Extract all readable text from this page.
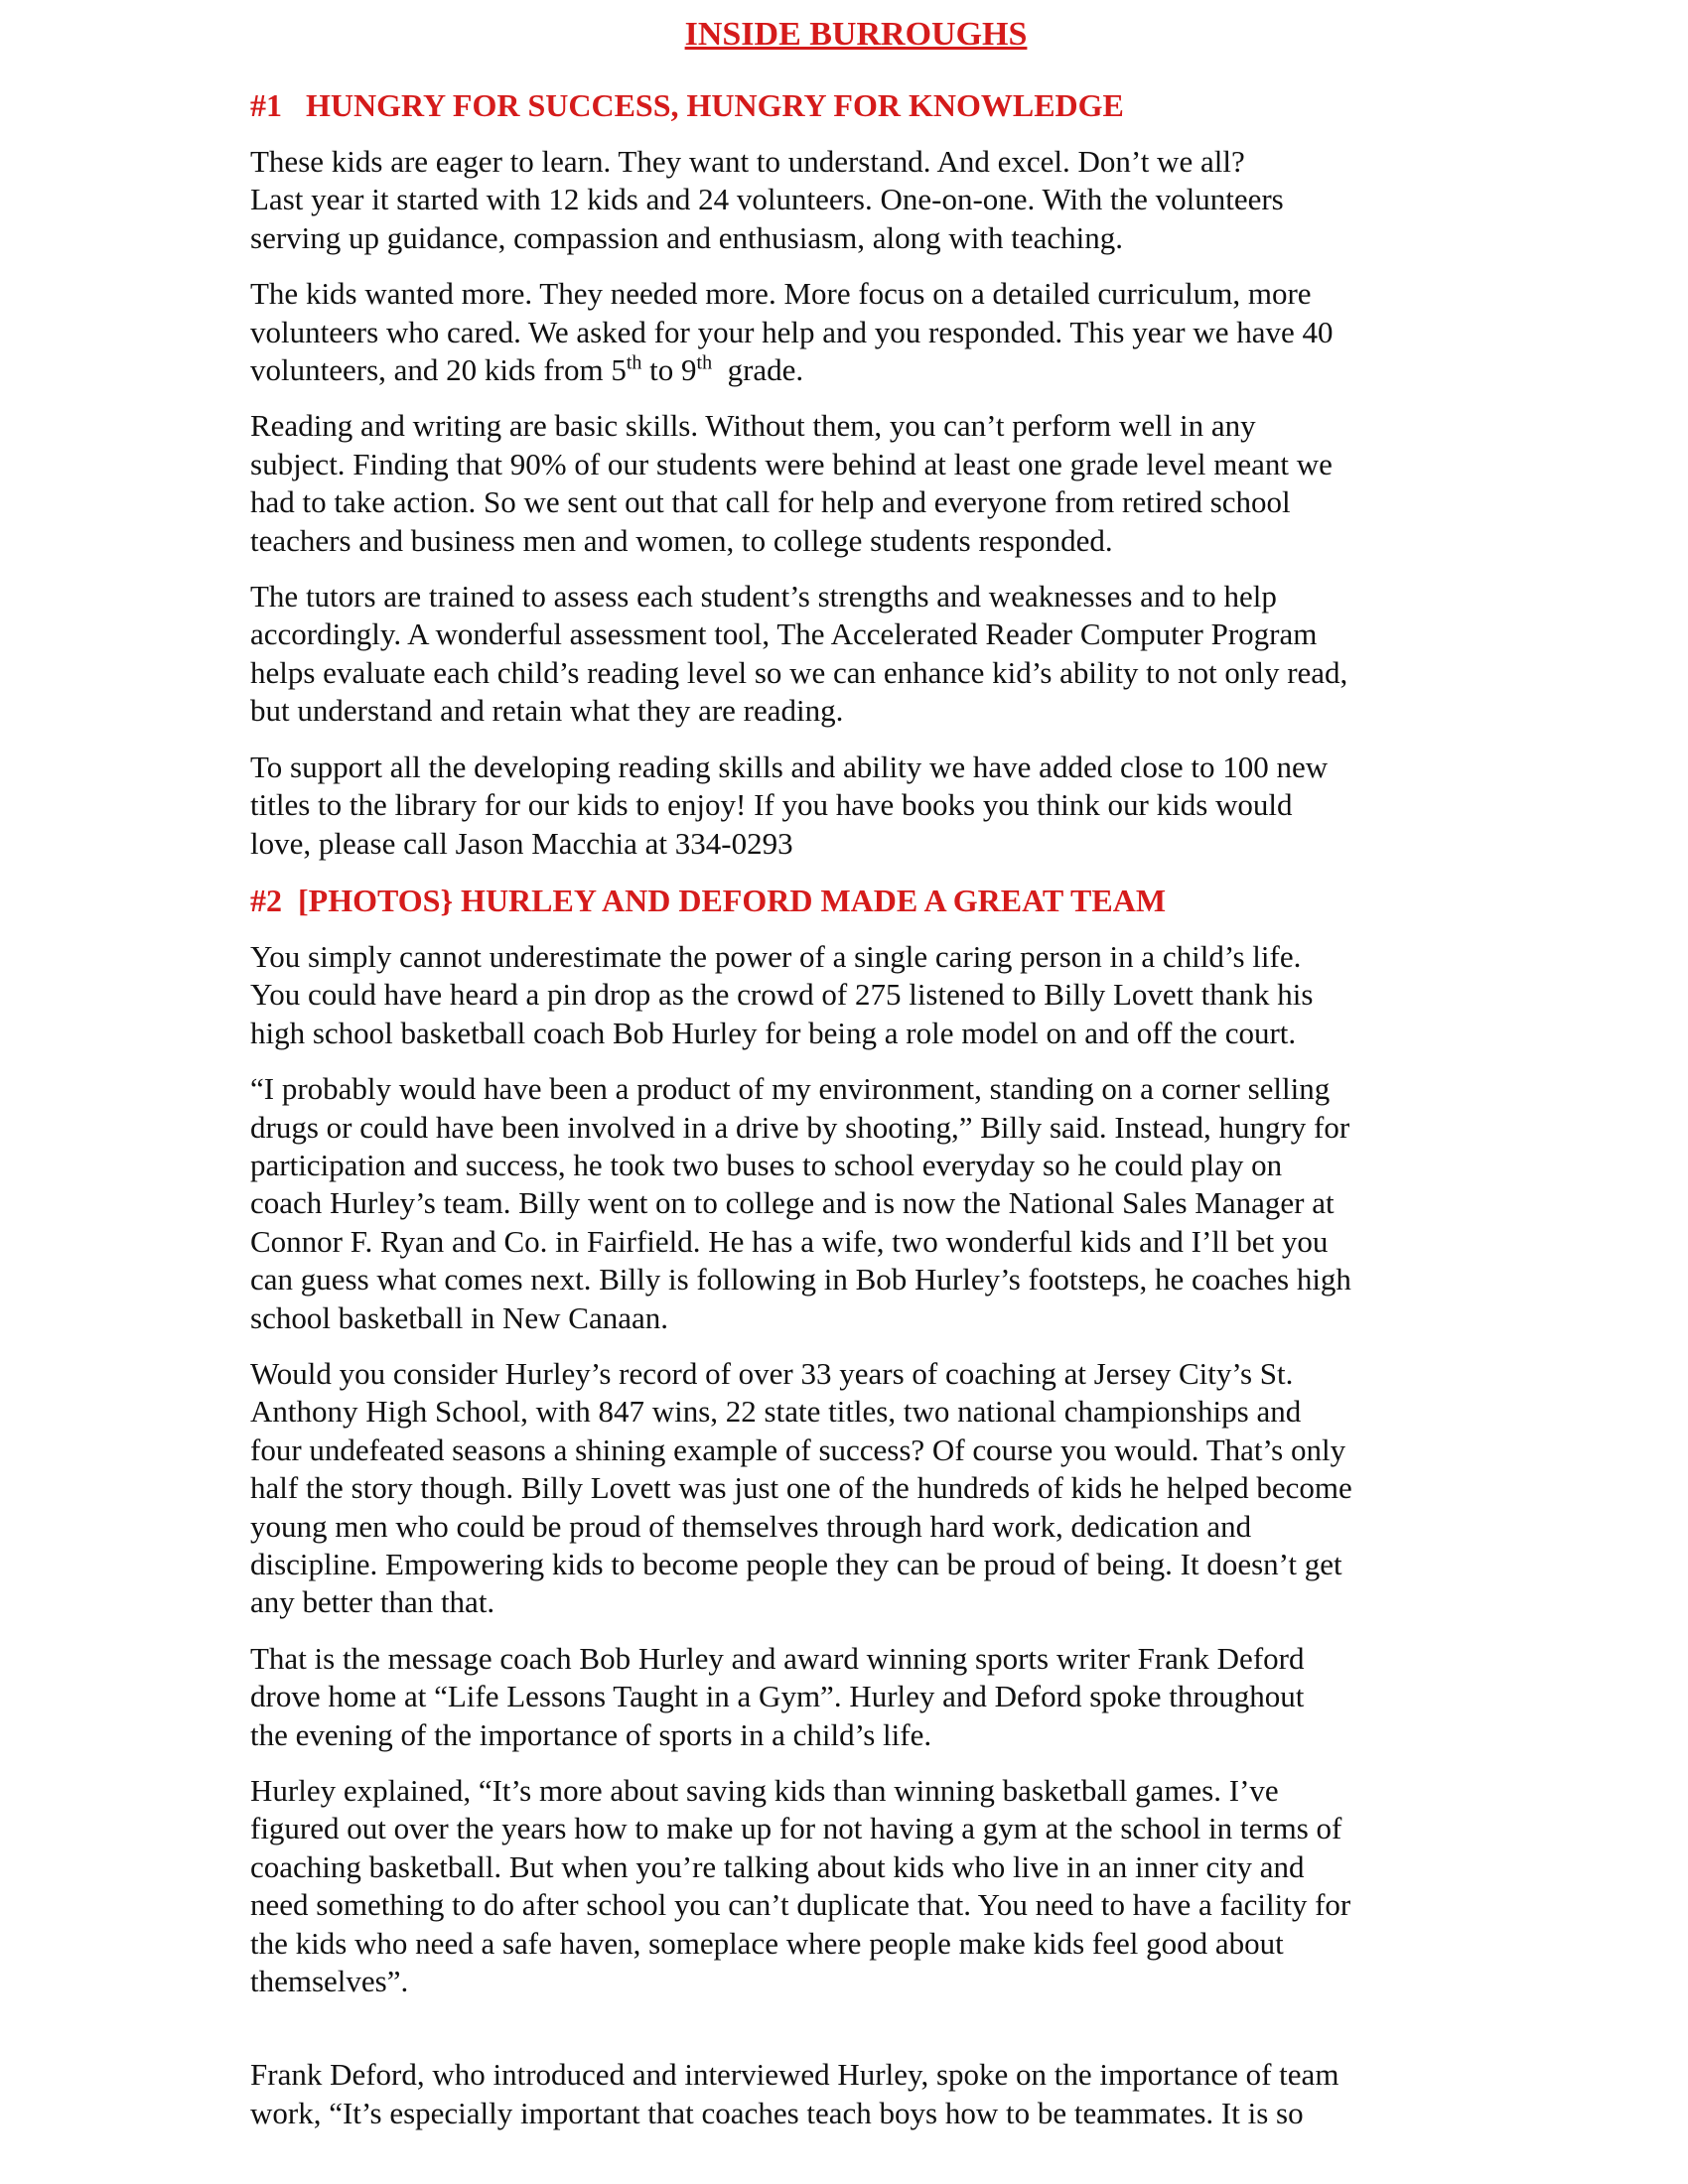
INSIDE BURROUGHS
#1   HUNGRY FOR SUCCESS, HUNGRY FOR KNOWLEDGE
These kids are eager to learn. They want to understand. And excel. Don’t we all?
Last year it started with 12 kids and 24 volunteers. One-on-one. With the volunteers
serving up guidance, compassion and enthusiasm, along with teaching.
The kids wanted more. They needed more. More focus on a detailed curriculum, more
volunteers who cared. We asked for your help and you responded. This year we have 40
volunteers, and 20 kids from 5th to 9th  grade.
Reading and writing are basic skills. Without them, you can’t perform well in any
subject. Finding that 90% of our students were behind at least one grade level meant we
had to take action. So we sent out that call for help and everyone from retired school
teachers and business men and women, to college students responded.
The tutors are trained to assess each student’s strengths and weaknesses and to help
accordingly. A wonderful assessment tool, The Accelerated Reader Computer Program
helps evaluate each child’s reading level so we can enhance kid’s ability to not only read,
but understand and retain what they are reading.
To support all the developing reading skills and ability we have added close to 100 new
titles to the library for our kids to enjoy! If you have books you think our kids would
love, please call Jason Macchia at 334-0293
#2  [PHOTOS} HURLEY AND DEFORD MADE A GREAT TEAM
You simply cannot underestimate the power of a single caring person in a child’s life.
You could have heard a pin drop as the crowd of 275 listened to Billy Lovett thank his
high school basketball coach Bob Hurley for being a role model on and off the court.
“I probably would have been a product of my environment, standing on a corner selling
drugs or could have been involved in a drive by shooting,” Billy said. Instead, hungry for
participation and success, he took two buses to school everyday so he could play on
coach Hurley’s team. Billy went on to college and is now the National Sales Manager at
Connor F. Ryan and Co. in Fairfield. He has a wife, two wonderful kids and I’ll bet you
can guess what comes next. Billy is following in Bob Hurley’s footsteps, he coaches high
school basketball in New Canaan.
Would you consider Hurley’s record of over 33 years of coaching at Jersey City’s St.
Anthony High School, with 847 wins, 22 state titles, two national championships and
four undefeated seasons a shining example of success? Of course you would. That’s only
half the story though. Billy Lovett was just one of the hundreds of kids he helped become
young men who could be proud of themselves through hard work, dedication and
discipline. Empowering kids to become people they can be proud of being. It doesn’t get
any better than that.
That is the message coach Bob Hurley and award winning sports writer Frank Deford
drove home at “Life Lessons Taught in a Gym”. Hurley and Deford spoke throughout
the evening of the importance of sports in a child’s life.
Hurley explained, “It’s more about saving kids than winning basketball games. I’ve
figured out over the years how to make up for not having a gym at the school in terms of
coaching basketball. But when you’re talking about kids who live in an inner city and
need something to do after school you can’t duplicate that. You need to have a facility for
the kids who need a safe haven, someplace where people make kids feel good about
themselves”.
Frank Deford, who introduced and interviewed Hurley, spoke on the importance of team
work, “It’s especially important that coaches teach boys how to be teammates. It is so
